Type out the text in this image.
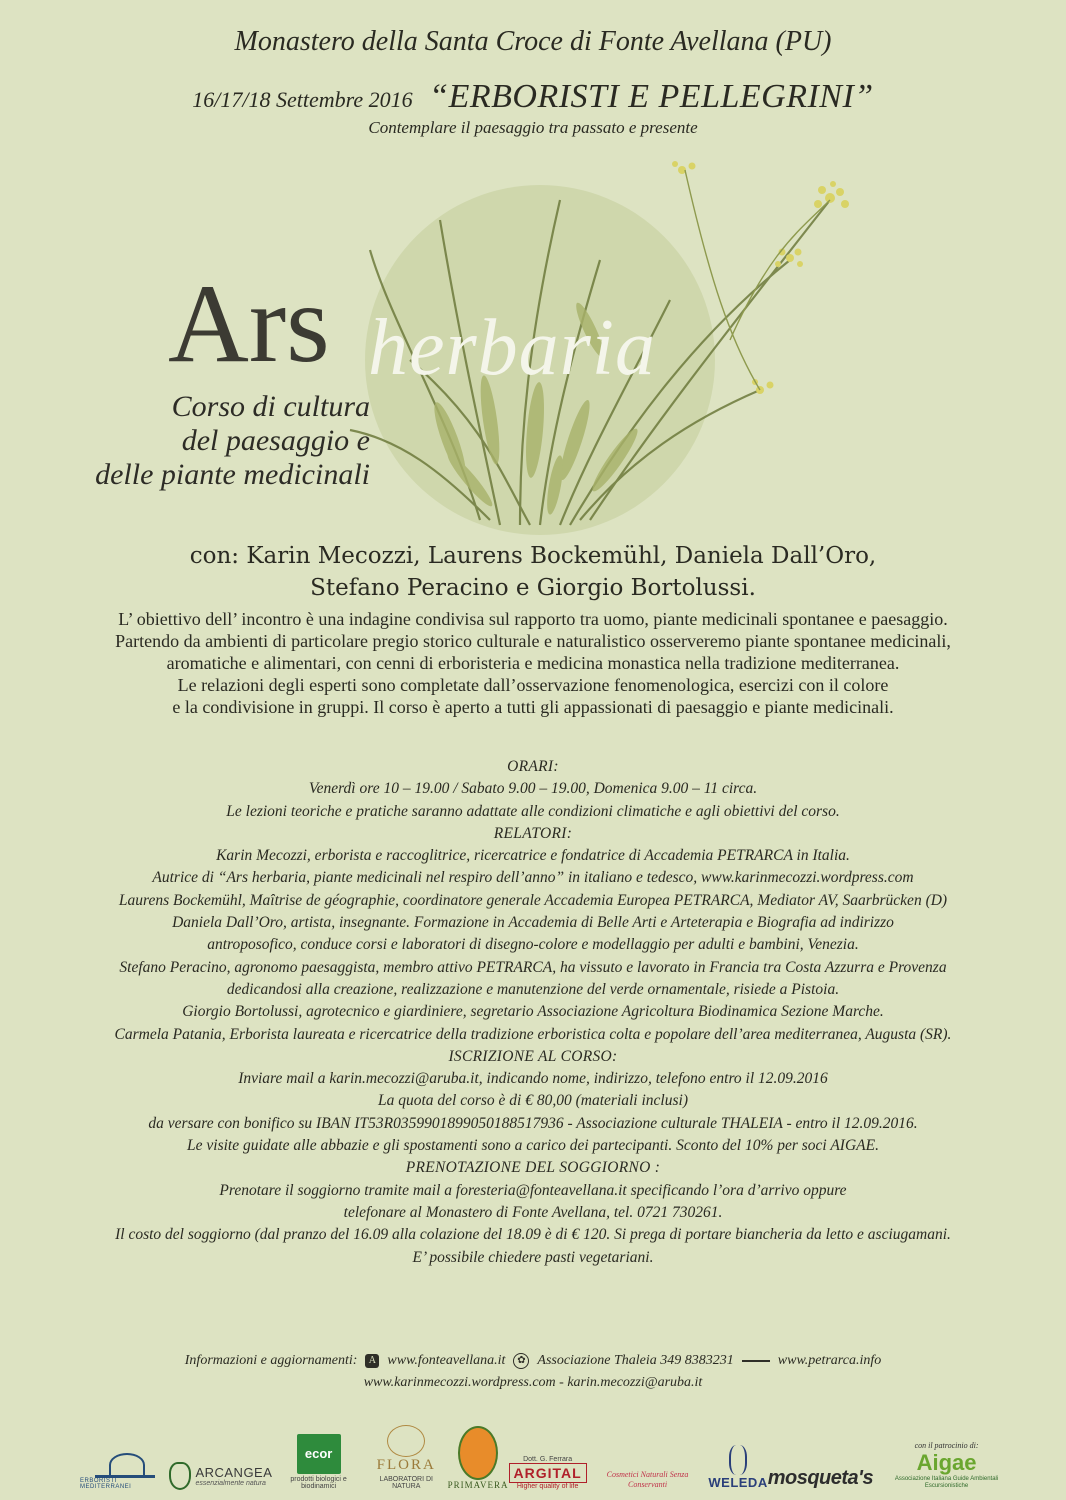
Monastero della Santa Croce di Fonte Avellana (PU)
16/17/18 Settembre 2016 “ERBORISTI E PELLEGRINI”
Contemplare il paesaggio tra passato e presente
Ars herbaria
Corso di cultura
del paesaggio e
delle piante medicinali
con: Karin Mecozzi, Laurens Bockemühl, Daniela Dall’Oro,
Stefano Peracino e Giorgio Bortolussi.
L’ obiettivo dell’ incontro è una indagine condivisa sul rapporto tra uomo, piante medicinali spontanee e paesaggio.
Partendo da ambienti di particolare pregio storico culturale e naturalistico osserveremo piante spontanee medicinali,
aromatiche e alimentari, con cenni di erboristeria e medicina monastica nella tradizione mediterranea.
Le relazioni degli esperti sono completate dall’osservazione fenomenologica, esercizi con il colore
e la condivisione in gruppi. Il corso è aperto a tutti gli appassionati di paesaggio e piante medicinali.
ORARI:
Venerdì ore 10 – 19.00 / Sabato 9.00 – 19.00, Domenica 9.00 – 11 circa.
Le lezioni teoriche e pratiche saranno adattate alle condizioni climatiche e agli obiettivi del corso.
RELATORI:
Karin Mecozzi, erborista e raccoglitrice, ricercatrice e fondatrice di Accademia PETRARCA in Italia.
Autrice di “Ars herbaria, piante medicinali nel respiro dell’anno” in italiano e tedesco, www.karinmecozzi.wordpress.com
Laurens Bockemühl, Maîtrise de géographie, coordinatore generale Accademia Europea PETRARCA, Mediator AV, Saarbrücken (D)
Daniela Dall’Oro, artista, insegnante. Formazione in Accademia di Belle Arti e Arteterapia e Biografia ad indirizzo
antroposofico, conduce corsi e laboratori di disegno-colore e modellaggio per adulti e bambini, Venezia.
Stefano Peracino, agronomo paesaggista, membro attivo PETRARCA, ha vissuto e lavorato in Francia tra Costa Azzurra e Provenza
dedicandosi alla creazione, realizzazione e manutenzione del verde ornamentale, risiede a Pistoia.
Giorgio Bortolussi, agrotecnico e giardiniere, segretario Associazione Agricoltura Biodinamica Sezione Marche.
Carmela Patania, Erborista laureata e ricercatrice della tradizione erboristica colta e popolare dell’area mediterranea, Augusta (SR).
ISCRIZIONE AL CORSO:
Inviare mail a karin.mecozzi@aruba.it, indicando nome, indirizzo, telefono entro il 12.09.2016
La quota del corso è di € 80,00 (materiali inclusi)
da versare con bonifico su IBAN IT53R0359901899050188517936 - Associazione culturale THALEIA - entro il 12.09.2016.
Le visite guidate alle abbazie e gli spostamenti sono a carico dei partecipanti. Sconto del 10% per soci AIGAE.
PRENOTAZIONE DEL SOGGIORNO :
Prenotare il soggiorno tramite mail a foresteria@fonteavellana.it specificando l’ora d’arrivo oppure
telefonare al Monastero di Fonte Avellana, tel. 0721 730261.
Il costo del soggiorno (dal pranzo del 16.09 alla colazione del 18.09 è di € 120. Si prega di portare biancheria da letto e asciugamani.
E’ possibile chiedere pasti vegetariani.
Informazioni e aggiornamenti:	A www.fonteavellana.it	✿ Associazione Thaleia 349 8383231	www.petrarca.info
www.karinmecozzi.wordpress.com - karin.mecozzi@aruba.it
ERBORISTI MEDITERRANEI
ARCANGEA
essenzialmente natura
ecor
prodotti biologici e biodinamici
FLORA
LABORATORI DI NATURA	PRIMAVERA
Dott. G. Ferrara
ARGITAL
Higher quality of life
Cosmetici Naturali Senza Conservanti	WELEDA mosqueta's
con il patrocinio di:
Aigae
Associazione Italiana Guide Ambientali Escursionistiche
